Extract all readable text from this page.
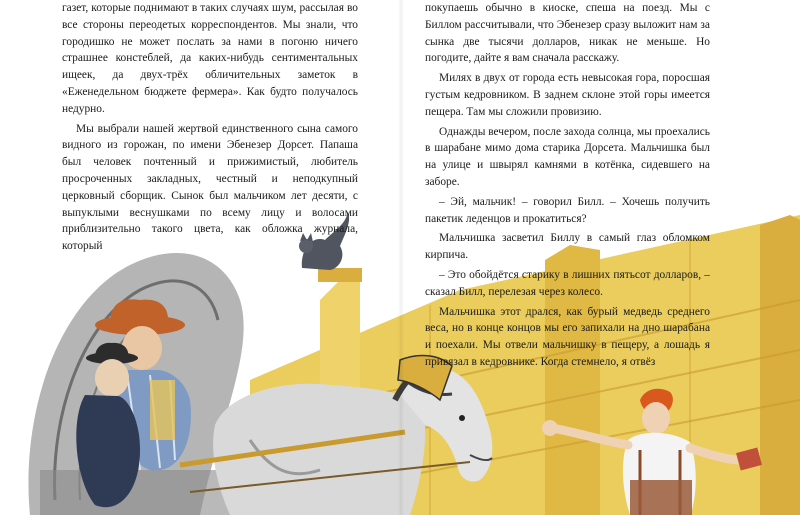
газет, которые поднимают в таких случаях шум, рассылая во все стороны переодетых корреспондентов. Мы знали, что городишко не может послать за нами в погоню ничего страшнее констеблей, да каких-нибудь сентиментальных ищеек, да двух-трёх обличительных заметок в «Еженедельном бюджете фермера». Как будто получалось недурно.

Мы выбрали нашей жертвой единственного сына самого видного из горожан, по имени Эбенезер Дорсет. Папаша был человек почтенный и прижимистый, любитель просроченных закладных, честный и неподкупный церковный сборщик. Сынок был мальчиком лет десяти, с выпуклыми веснушками по всему лицу и волосами приблизительно такого цвета, как обложка журнала, который

покупаешь обычно в киоске, спеша на поезд. Мы с Биллом рассчитывали, что Эбенезер сразу выложит нам за сынка две тысячи долларов, никак не меньше. Но погодите, дайте я вам сначала расскажу.

Милях в двух от города есть невысокая гора, поросшая густым кедровником. В заднем склоне этой горы имеется пещера. Там мы сложили провизию.

Однажды вечером, после захода солнца, мы проехались в шарабане мимо дома старика Дорсета. Мальчишка был на улице и швырял камнями в котёнка, сидевшего на заборе.

– Эй, мальчик! – говорил Билл. – Хочешь получить пакетик леденцов и прокатиться?

Мальчишка засветил Биллу в самый глаз обломком кирпича.

– Это обойдётся старику в лишних пятьсот долларов, – сказал Билл, перелезая через колесо.

Мальчишка этот дрался, как бурый медведь среднего веса, но в конце концов мы его запихали на дно шарабана и поехали. Мы отвели мальчишку в пещеру, а лошадь я привязал в кедровнике. Когда стемнело, я отвёз
